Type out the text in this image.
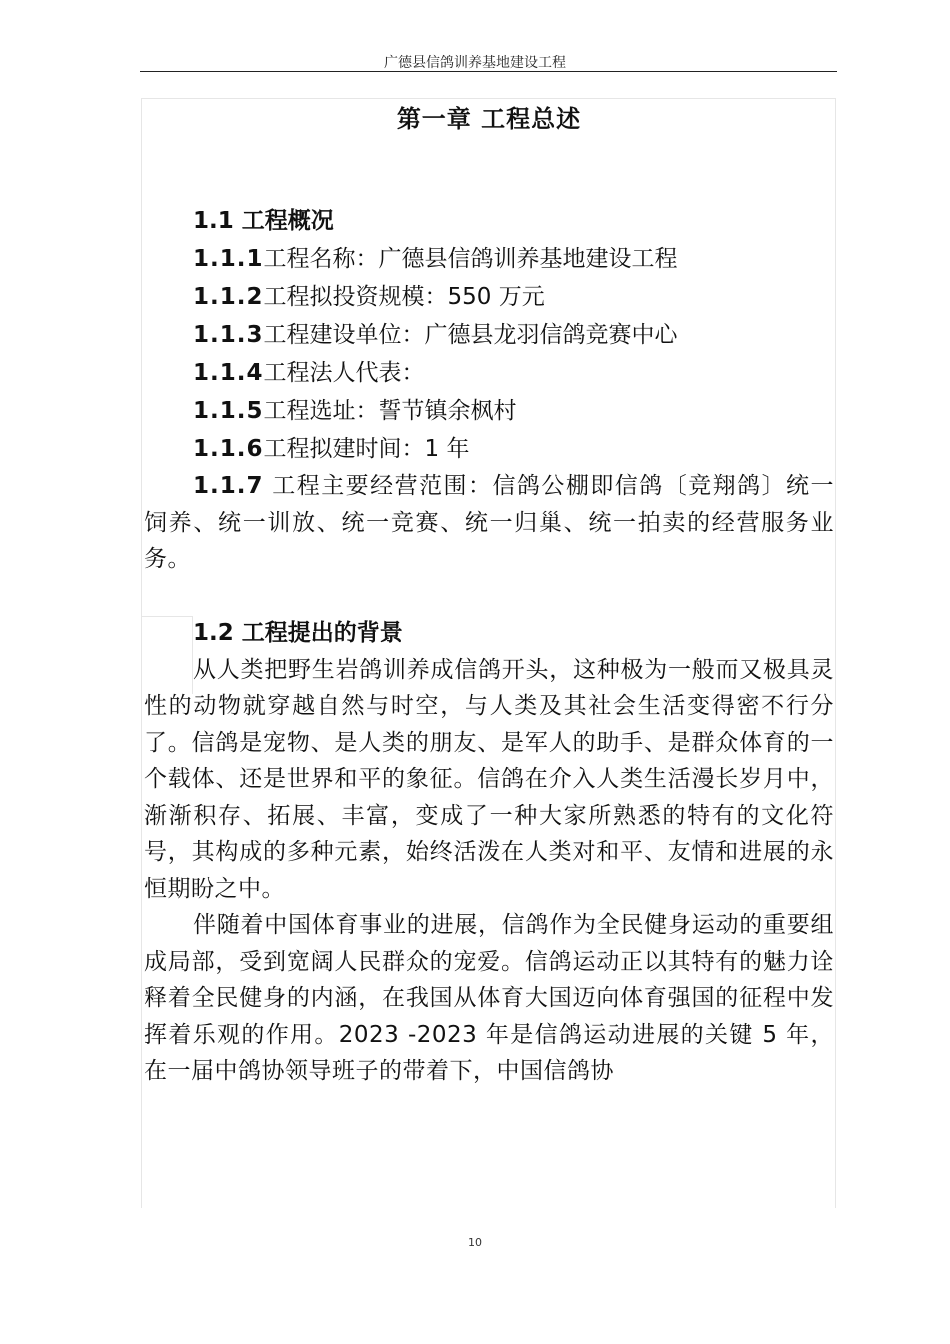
广德县信鸽训养基地建设工程
第一章 工程总述
1.1 工程概况

1.1.1工程名称：广德县信鸽训养基地建设工程

1.1.2工程拟投资规模：550 万元

1.1.3工程建设单位：广德县龙羽信鸽竞赛中心

1.1.4工程法人代表：

1.1.5工程选址：誓节镇余枫村

1.1.6工程拟建时间：1 年

1.1.7 工程主要经营范围：信鸽公棚即信鸽〔竞翔鸽〕统一饲养、统一训放、统一竞赛、统一归巢、统一拍卖的经营服务业务。

1.2 工程提出的背景

从人类把野生岩鸽训养成信鸽开头，这种极为一般而又极具灵性的动物就穿越自然与时空，与人类及其社会生活变得密不行分了。信鸽是宠物、是人类的朋友、是军人的助手、是群众体育的一个载体、还是世界和平的象征。信鸽在介入人类生活漫长岁月中，渐渐积存、拓展、丰富，变成了一种大家所熟悉的特有的文化符号，其构成的多种元素，始终活泼在人类对和平、友情和进展的永恒期盼之中。

伴随着中国体育事业的进展，信鸽作为全民健身运动的重要组成局部，受到宽阔人民群众的宠爱。信鸽运动正以其特有的魅力诠释着全民健身的内涵，在我国从体育大国迈向体育强国的征程中发挥着乐观的作用。2023 -2023 年是信鸽运动进展的关键 5 年，在一届中鸽协领导班子的带着下，中国信鸽协

10
